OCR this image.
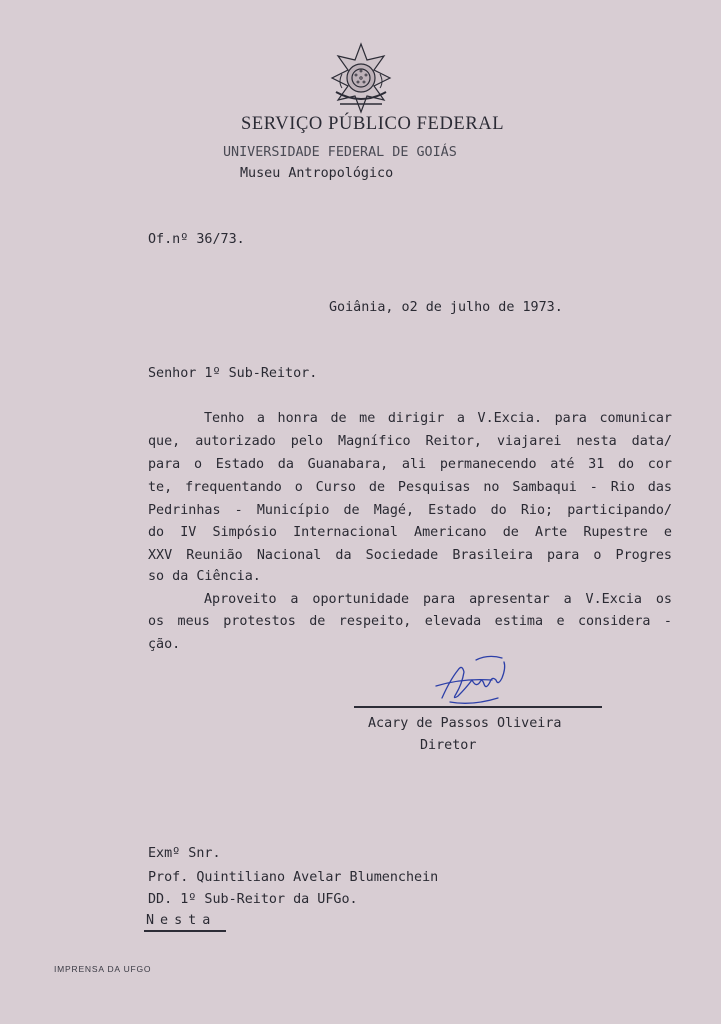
SERVIÇO PÚBLICO FEDERAL
UNIVERSIDADE FEDERAL DE GOIÁS
Museu Antropológico
Of.nº 36/73.
Goiânia, o2 de julho de 1973.
Senhor 1º Sub-Reitor.
Tenho a honra de me dirigir a V.Excia. para comunicar
que, autorizado pelo Magnífico Reitor, viajarei nesta data/
para o Estado da Guanabara, ali permanecendo até 31 do cor
te, frequentando o Curso de Pesquisas no Sambaqui - Rio das
Pedrinhas - Município de Magé, Estado do Rio; participando/
do IV Simpósio Internacional Americano de Arte Rupestre e
XXV Reunião Nacional da Sociedade Brasileira para o Progres
so da Ciência.
Aproveito a oportunidade para apresentar a V.Excia os
os meus protestos de respeito, elevada estima e considera -
ção.
Acary de Passos Oliveira
Diretor
Exmº Snr.
Prof. Quintiliano Avelar Blumenchein
DD. 1º Sub-Reitor da UFGo.
Nesta
IMPRENSA DA UFGO
